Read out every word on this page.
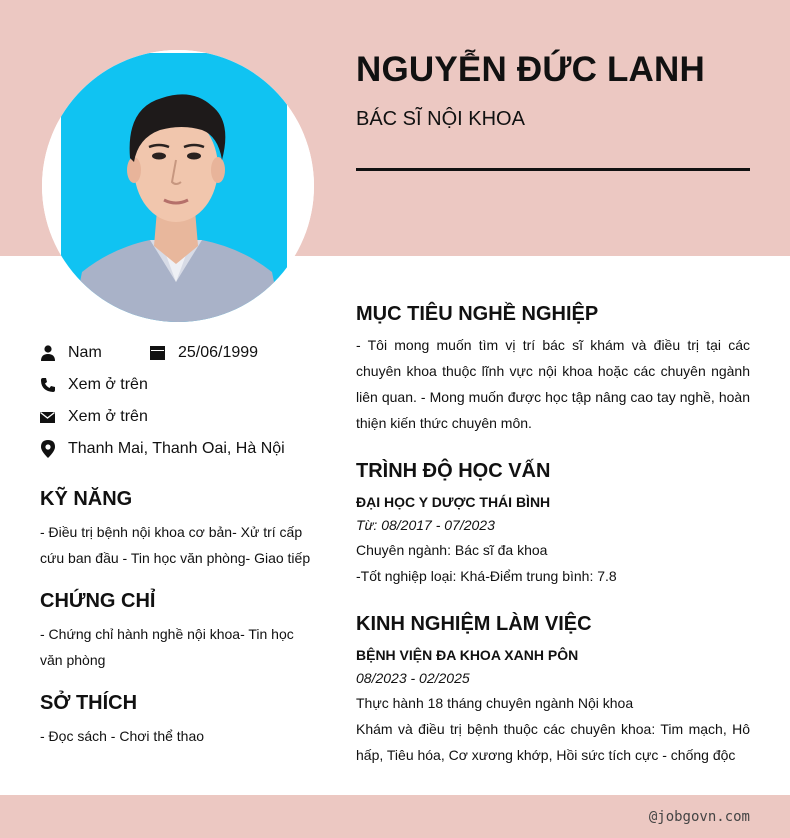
NGUYỄN ĐỨC LANH
BÁC SĨ NỘI KHOA
Nam	25/06/1999
Xem ở trên
Xem ở trên
Thanh Mai, Thanh Oai, Hà Nội
KỸ NĂNG
- Điều trị bệnh nội khoa cơ bản- Xử trí cấp cứu ban đầu - Tin học văn phòng- Giao tiếp
CHỨNG CHỈ
- Chứng chỉ hành nghề nội khoa- Tin học văn phòng
SỞ THÍCH
- Đọc sách - Chơi thể thao
MỤC TIÊU NGHỀ NGHIỆP
- Tôi mong muốn tìm vị trí bác sĩ khám và điều trị tại các chuyên khoa thuộc lĩnh vực nội khoa hoặc các chuyên ngành liên quan. - Mong muốn được học tập nâng cao tay nghề, hoàn thiện kiến thức chuyên môn.
TRÌNH ĐỘ HỌC VẤN
ĐẠI HỌC Y DƯỢC THÁI BÌNH
Từ: 08/2017 - 07/2023
Chuyên ngành: Bác sĩ đa khoa
-Tốt nghiệp loại: Khá-Điểm trung bình: 7.8
KINH NGHIỆM LÀM VIỆC
BỆNH VIỆN ĐA KHOA XANH PÔN
08/2023 - 02/2025
Thực hành 18 tháng chuyên ngành Nội khoa
Khám và điều trị bệnh thuộc các chuyên khoa: Tim mạch, Hô hấp, Tiêu hóa, Cơ xương khớp, Hồi sức tích cực - chống độc
@jobgovn.com
